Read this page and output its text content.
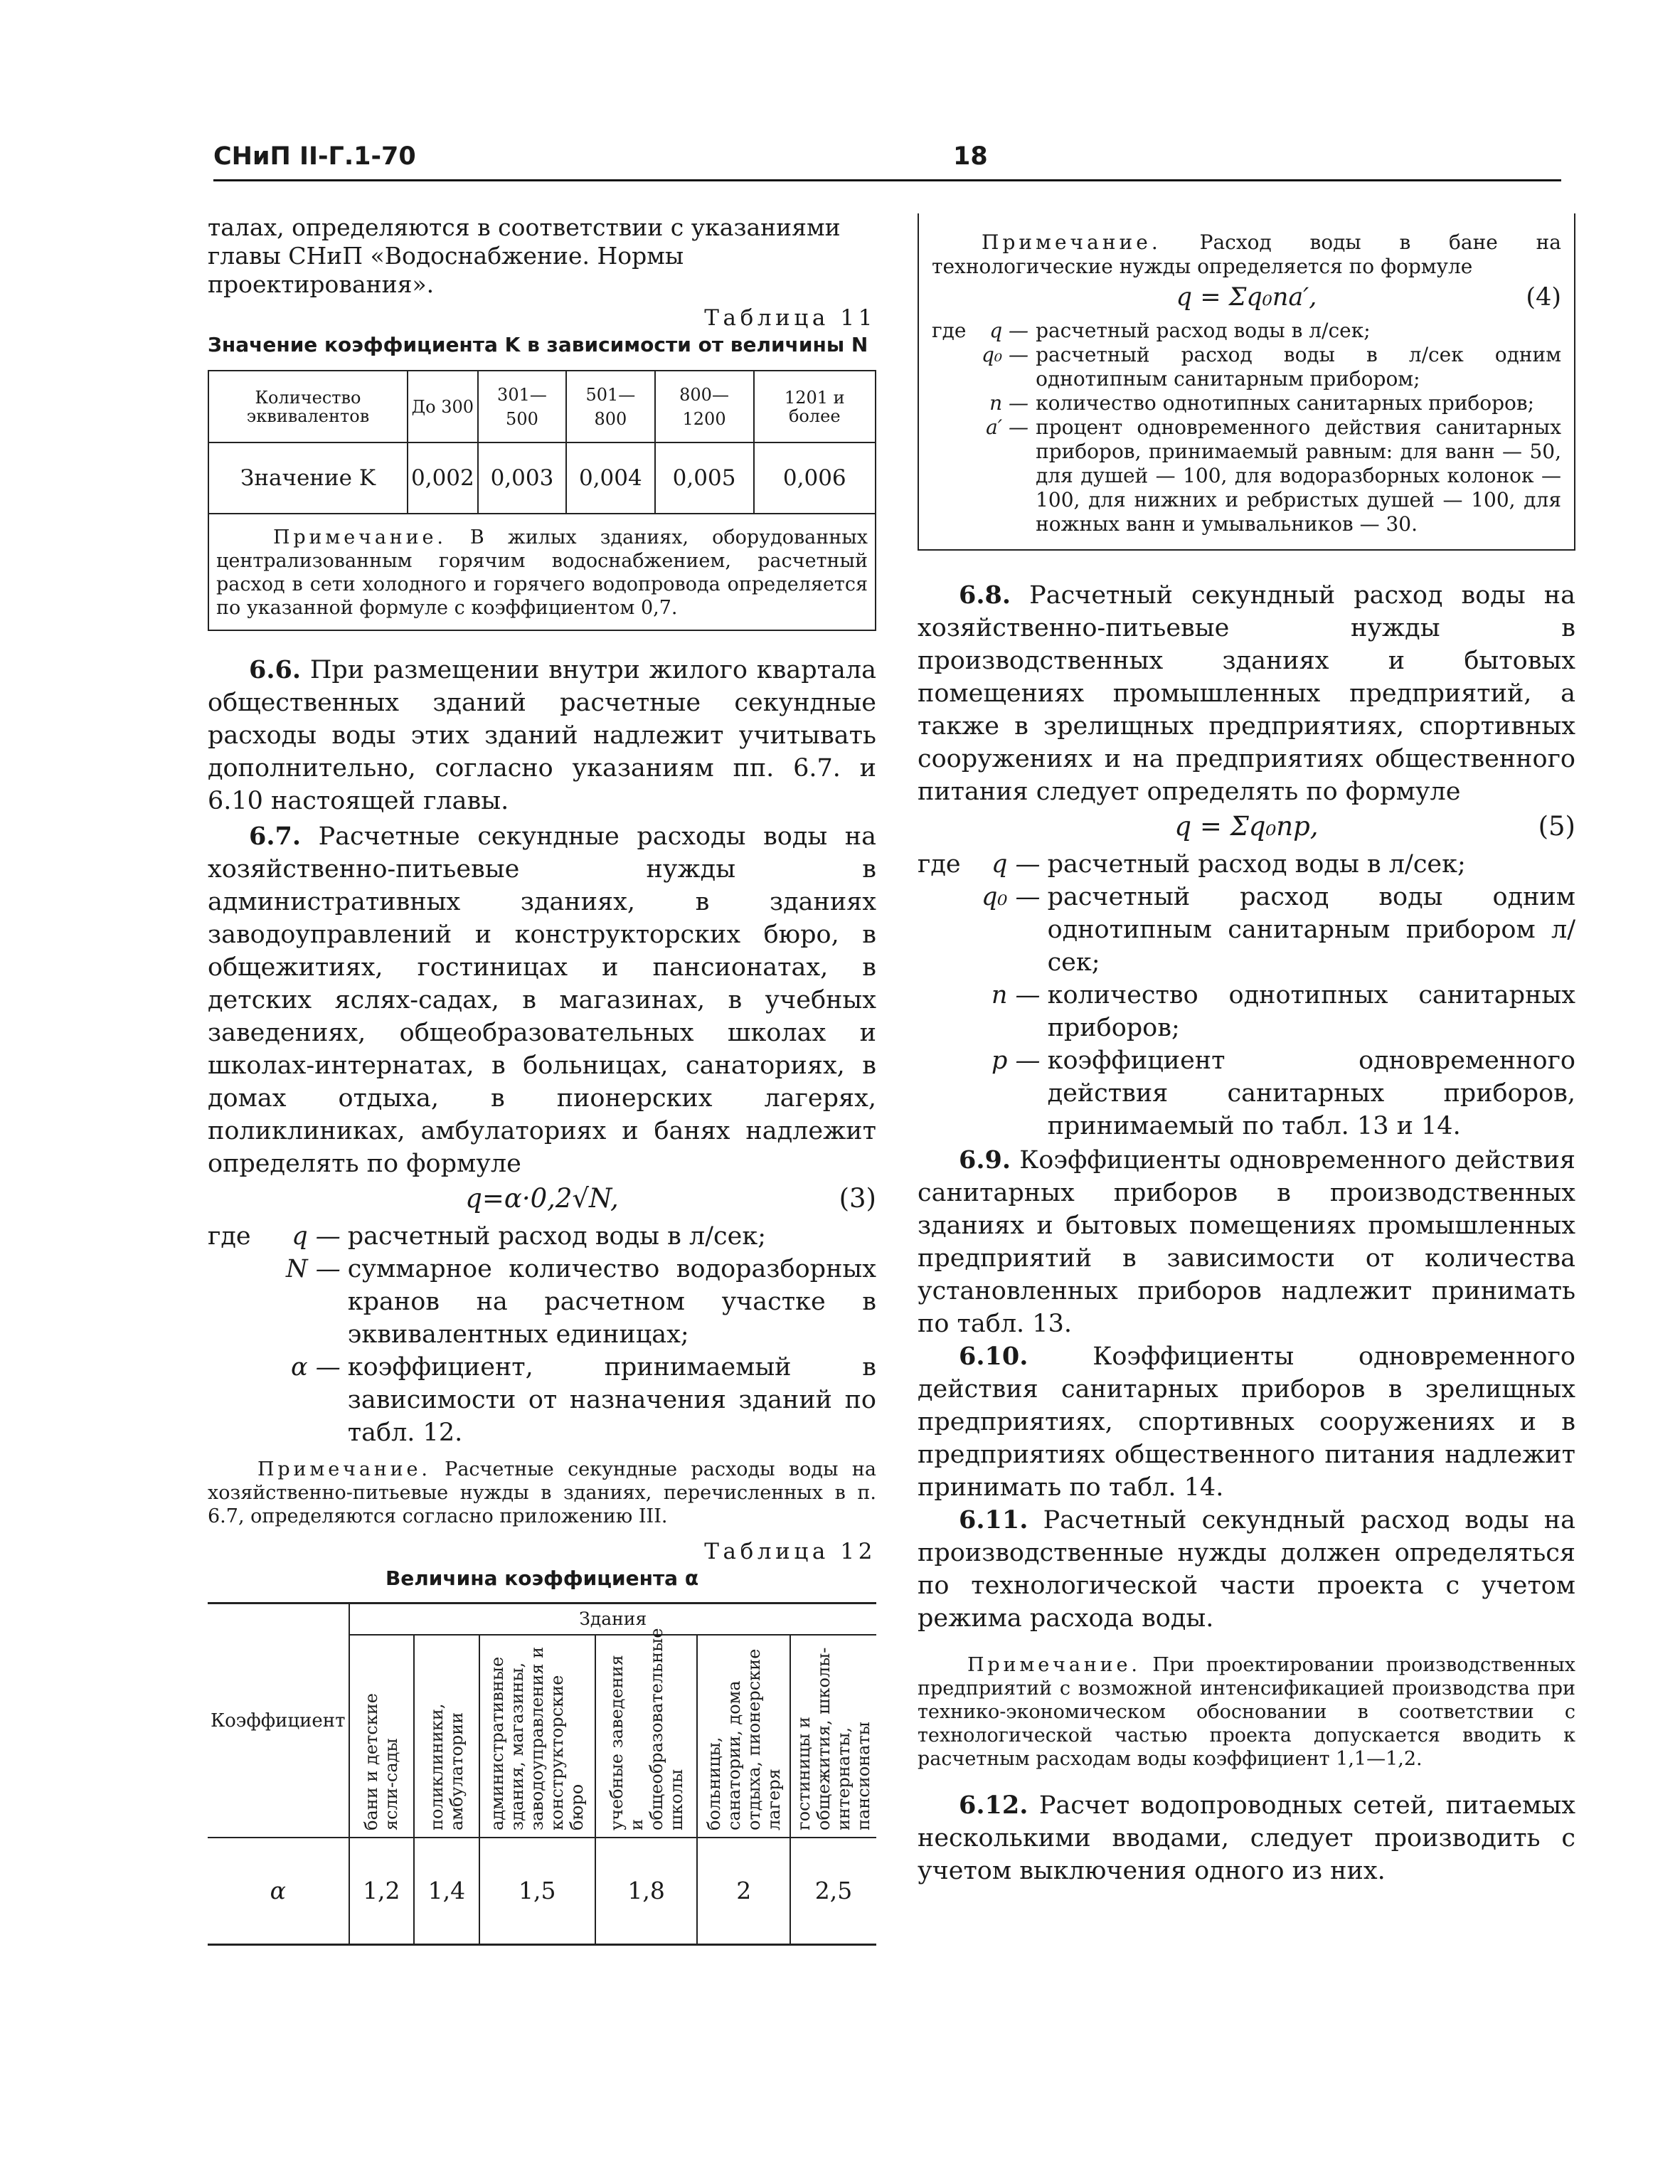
СНиП II-Г.1-70	18

талах, определяются в соответствии с указаниями главы СНиП «Водоснабжение. Нормы проектирования».

Таблица 11

Значение коэффициента K в зависимости от величины N

Количество эквивалентов	До 300	301—500	501—800	800—1200	1201 и более
Значение K	0,002	0,003	0,004	0,005	0,006

Примечание. В жилых зданиях, оборудованных централизованным горячим водоснабжением, расчетный расход в сети холодного и горячего водопровода определяется по указанной формуле с коэффициентом 0,7.

6.6. При размещении внутри жилого квартала общественных зданий расчетные секундные расходы воды этих зданий надлежит учитывать дополнительно, согласно указаниям пп. 6.7. и 6.10 настоящей главы.

6.7. Расчетные секундные расходы воды на хозяйственно-питьевые нужды в административных зданиях, в зданиях заводоуправлений и конструкторских бюро, в общежитиях, гостиницах и пансионатах, в детских яслях-садах, в магазинах, в учебных заведениях, общеобразовательных школах и школах-интернатах, в больницах, санаториях, в домах отдыха, в пионерских лагерях, поликлиниках, амбулаториях и банях надлежит определять по формуле

q=α·0,2√N,	(3)
где	q — расчетный расход воды в л/сек;
N — суммарное количество водоразборных кранов на расчетном участке в эквивалентных единицах;
α — коэффициент, принимаемый в зависимости от назначения зданий по табл. 12.

Примечание. Расчетные секундные расходы воды на хозяйственно-питьевые нужды в зданиях, перечисленных в п. 6.7, определяются согласно приложению III.

Таблица 12

Величина коэффициента α

Коэффициент	Здания					

	бани и детские ясли-сады	поликлиники, амбулатории	административные здания, магазины, заводоуправления и конструкторские бюро	учебные заведения и общеобразовательные школы	больницы, санатории, дома отдыха, пионерские лагеря	гостиницы и общежития, школы-интернаты, пансионаты

α	1,2	1,4	1,5	1,8	2	2,5

Примечание. Расход воды в бане на технологические нужды определяется по формуле

q = Σq₀na′,	(4)
где	q — расчетный расход воды в л/сек;
q₀ — расчетный расход воды в л/сек одним однотипным санитарным прибором;
n — количество однотипных санитарных приборов;
a′ — процент одновременного действия санитарных приборов, принимаемый равным: для ванн — 50, для душей — 100, для водоразборных колонок — 100, для нижних и ребристых душей — 100, для ножных ванн и умывальников — 30.

6.8. Расчетный секундный расход воды на хозяйственно-питьевые нужды в производственных зданиях и бытовых помещениях промышленных предприятий, а также в зрелищных предприятиях, спортивных сооружениях и на предприятиях общественного питания следует определять по формуле

q = Σq₀np,	(5)
где	q — расчетный расход воды в л/сек;
q₀ — расчетный расход воды одним однотипным санитарным прибором л/сек;
n — количество однотипных санитарных приборов;
p — коэффициент одновременного действия санитарных приборов, принимаемый по табл. 13 и 14.

6.9. Коэффициенты одновременного действия санитарных приборов в производственных зданиях и бытовых помещениях промышленных предприятий в зависимости от количества установленных приборов надлежит принимать по табл. 13.

6.10.	Коэффициенты одновременного действия санитарных приборов в зрелищных предприятиях, спортивных сооружениях и в предприятиях общественного питания надлежит принимать по табл. 14.

6.11. Расчетный секундный расход воды на производственные нужды должен определяться по технологической части проекта с учетом режима расхода воды.

Примечание. При проектировании производственных предприятий с возможной интенсификацией производства при технико-экономическом обосновании в соответствии с технологической частью проекта допускается вводить к расчетным расходам воды коэффициент 1,1—1,2.

6.12. Расчет водопроводных сетей, питаемых несколькими вводами, следует производить с учетом выключения одного из них.
